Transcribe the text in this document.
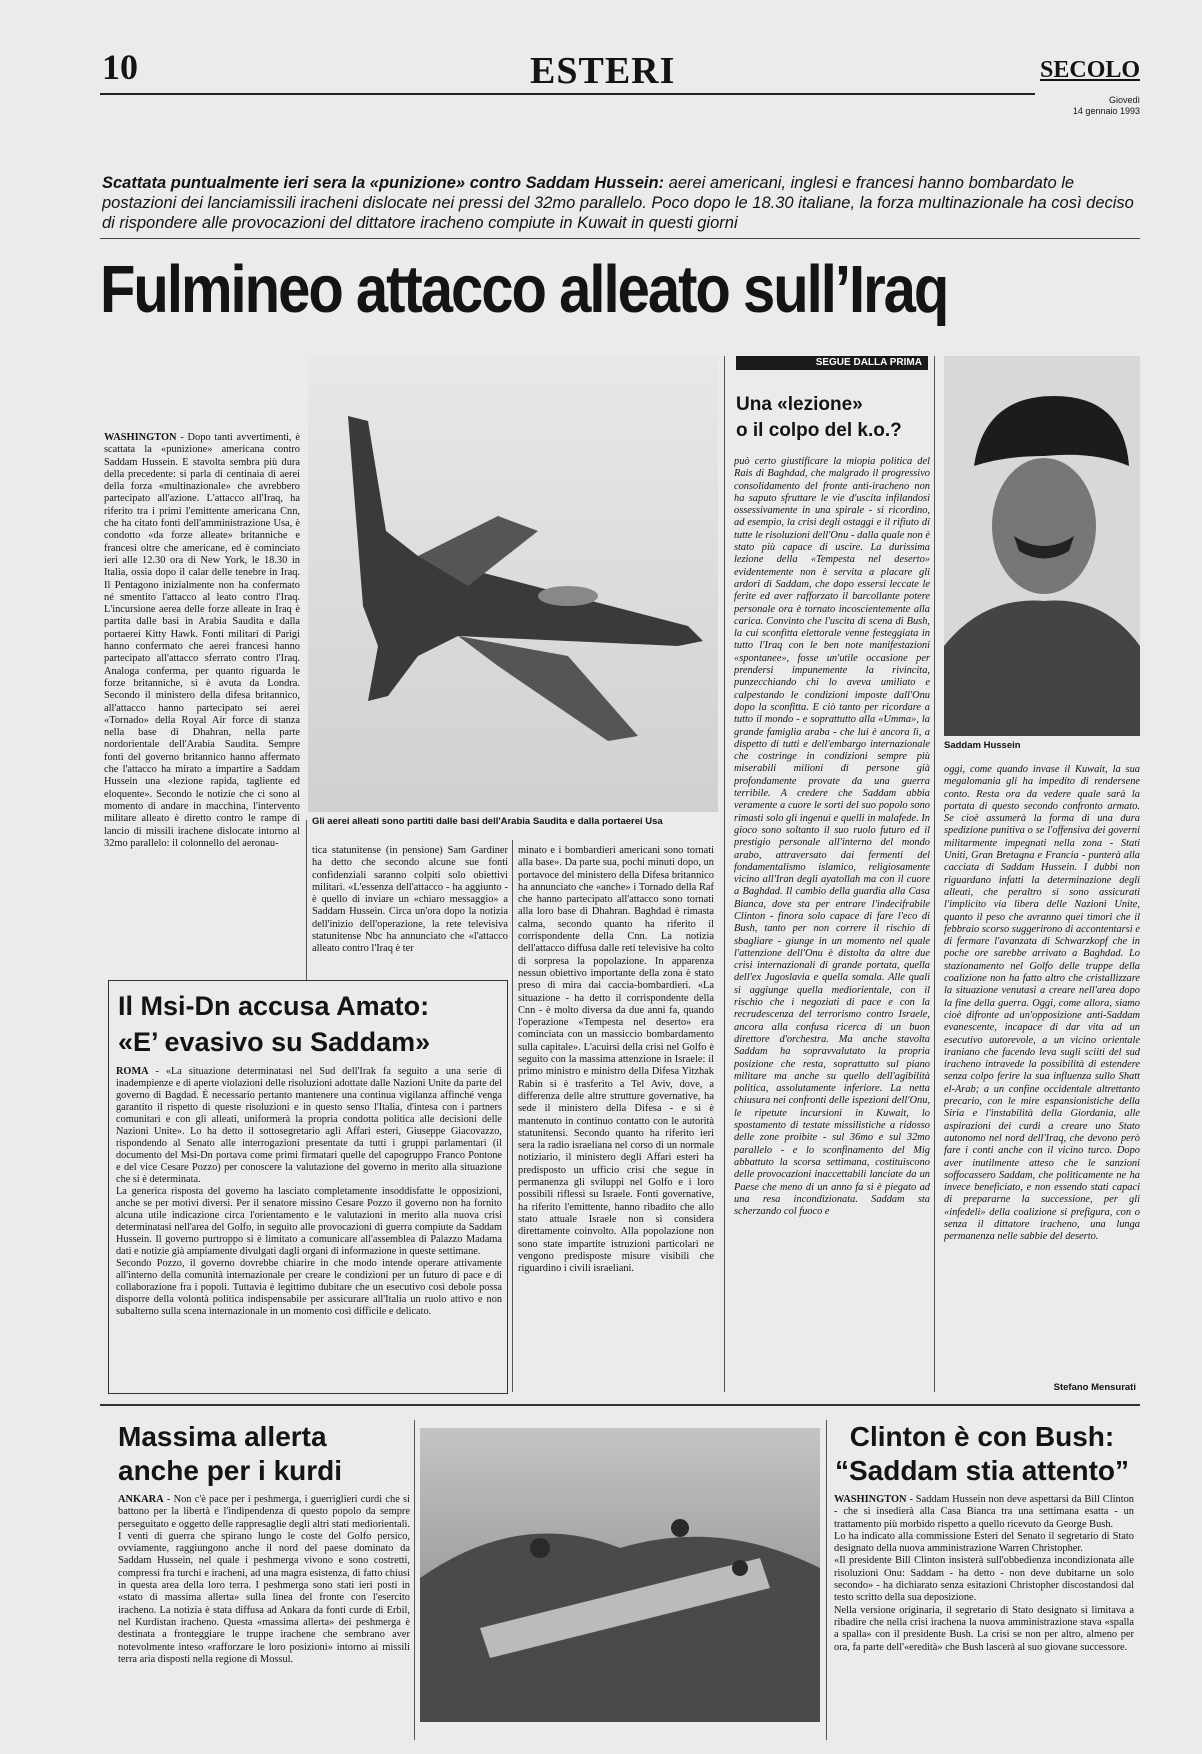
10	ESTERI	SECOLO
Giovedì
14 gennaio 1993
Scattata puntualmente ieri sera la «punizione» contro Saddam Hussein: aerei americani, inglesi e francesi hanno bombardato le postazioni dei lanciamissili iracheni dislocate nei pressi del 32mo parallelo. Poco dopo le 18.30 italiane, la forza multinazionale ha così deciso di rispondere alle provocazioni del dittatore iracheno compiute in Kuwait in questi giorni
Fulmineo attacco alleato sull’Iraq
WASHINGTON - Dopo tanti avvertimenti, è scattata la «punizione» americana contro Saddam Hussein. E stavolta sembra più dura della precedente: si parla di centinaia di aerei della forza «multinazionale» che avrebbero partecipato all'azione. L'attacco all'Iraq, ha riferito tra i primi l'emittente americana Cnn, che ha citato fonti dell'amministrazione Usa, è condotto «da forze alleate» britanniche e francesi oltre che americane, ed è cominciato ieri alle 12.30 ora di New York, le 18.30 in Italia, ossia dopo il calar delle tenebre in Iraq. Il Pentagono inizialmente non ha confermato né smentito l'attacco al leato contro l'Iraq. L'incursione aerea delle forze alleate in Iraq è partita dalle basi in Arabia Saudita e dalla portaerei Kitty Hawk. Fonti militari di Parigi hanno confermato che aerei francesi hanno partecipato all'attacco sferrato contro l'Iraq. Analoga conferma, per quanto riguarda le forze britanniche, si è avuta da Londra. Secondo il ministero della difesa britannico, all'attacco hanno partecipato sei aerei «Tornado» della Royal Air force di stanza nella base di Dhahran, nella parte nordorientale dell'Arabia Saudita. Sempre fonti del governo britannico hanno affermato che l'attacco ha mirato a impartire a Saddam Hussein una «lezione rapida, tagliente ed eloquente». Secondo le notizie che ci sono al momento di andare in macchina, l'intervento militare alleato è diretto contro le rampe di lancio di missili irachene dislocate intorno al 32mo parallelo: il colonnello del aeronau-
Gli aerei alleati sono partiti dalle basi dell'Arabia Saudita e dalla portaerei Usa
tica statunitense (in pensione) Sam Gardiner ha detto che secondo alcune sue fonti confidenziali saranno colpiti solo obiettivi militari. «L'essenza dell'attacco - ha aggiunto - è quello di inviare un «chiaro messaggio» a Saddam Hussein. Circa un'ora dopo la notizia dell'inizio dell'operazione, la rete televisiva statunitense Nbc ha annunciato che «l'attacco alleato contro l'Iraq è ter
minato e i bombardieri americani sono tornati alla base». Da parte sua, pochi minuti dopo, un portavoce del ministero della Difesa britannico ha annunciato che «anche» i Tornado della Raf che hanno partecipato all'attacco sono tornati alla loro base di Dhahran. Baghdad è rimasta calma, secondo quanto ha riferito il corrispondente della Cnn. La notizia dell'attacco diffusa dalle reti televisive ha colto di sorpresa la popolazione. In apparenza nessun obiettivo importante della zona è stato preso di mira dai caccia-bombardieri. «La situazione - ha detto il corrispondente della Cnn - è molto diversa da due anni fa, quando l'operazione «Tempesta nel deserto» era cominciata con un massiccio bombardamento sulla capitale». L'acuirsi della crisi nel Golfo è seguito con la massima attenzione in Israele: il primo ministro e ministro della Difesa Yitzhak Rabin si è trasferito a Tel Aviv, dove, a differenza delle altre strutture governative, ha sede il ministero della Difesa - e si è mantenuto in continuo contatto con le autorità statunitensi. Secondo quanto ha riferito ieri sera la radio israeliana nel corso di un normale notiziario, il ministero degli Affari esteri ha predisposto un ufficio crisi che segue in permanenza gli sviluppi nel Golfo e i loro possibili riflessi su Israele. Fonti governative, ha riferito l'emittente, hanno ribadito che allo stato attuale Israele non si considera direttamente coinvolto. Alla popolazione non sono state impartite istruzioni particolari ne vengono predisposte misure visibili che riguardino i civili israeliani.
Il Msi-Dn accusa Amato:
«E’ evasivo su Saddam»
ROMA - «La situazione determinatasi nel Sud dell'Irak fa seguito a una serie di inadempienze e di aperte violazioni delle risoluzioni adottate dalle Nazioni Unite da parte del governo di Bagdad. È necessario pertanto mantenere una continua vigilanza affinché venga garantito il rispetto di queste risoluzioni e in questo senso l'Italia, d'intesa con i partners comunitari e con gli alleati, uniformerà la propria condotta politica alle decisioni delle Nazioni Unite». Lo ha detto il sottosegretario agli Affari esteri, Giuseppe Giacovazzo, rispondendo al Senato alle interrogazioni presentate da tutti i gruppi parlamentari (il documento del Msi-Dn portava come primi firmatari quelle del capogruppo Franco Pontone e del vice Cesare Pozzo) per conoscere la valutazione del governo in merito alla situazione che si è determinata.
La generica risposta del governo ha lasciato completamente insoddisfatte le opposizioni, anche se per motivi diversi. Per il senatore missino Cesare Pozzo il governo non ha fornito alcuna utile indicazione circa l'orientamento e le valutazioni in merito alla nuova crisi determinatasi nell'area del Golfo, in seguito alle provocazioni di guerra compiute da Saddam Hussein. Il governo purtroppo si è limitato a comunicare all'assemblea di Palazzo Madama dati e notizie già ampiamente divulgati dagli organi di informazione in queste settimane.
Secondo Pozzo, il governo dovrebbe chiarire in che modo intende operare attivamente all'interno della comunità internazionale per creare le condizioni per un futuro di pace e di collaborazione fra i popoli. Tuttavia è legittimo dubitare che un esecutivo così debole possa disporre della volontà politica indispensabile per assicurare all'Italia un ruolo attivo e non subalterno sulla scena internazionale in un momento così difficile e delicato.
SEGUE DALLA PRIMA
Una «lezione»
o il colpo del k.o.?
può certo giustificare la miopia politica del Rais di Baghdad, che malgrado il progressivo consolidamento del fronte anti-iracheno non ha saputo sfruttare le vie d'uscita infilandosi ossessivamente in una spirale - si ricordino, ad esempio, la crisi degli ostaggi e il rifiuto di tutte le risoluzioni dell'Onu - dalla quale non è stato più capace di uscire. La durissima lezione della «Tempesta nel deserto» evidentemente non è servita a placare gli ardori di Saddam, che dopo essersi leccate le ferite ed aver rafforzato il barcollante potere personale ora è tornato incoscientemente alla carica. Convinto che l'uscita di scena di Bush, la cui sconfitta elettorale venne festeggiata in tutto l'Iraq con le ben note manifestazioni «spontanee», fosse un'utile occasione per prendersi impunemente la rivincita, punzecchiando chi lo aveva umiliato e calpestando le condizioni imposte dall'Onu dopo la sconfitta. E ciò tanto per ricordare a tutto il mondo - e soprattutto alla «Umma», la grande famiglia araba - che lui è ancora lì, a dispetto di tutti e dell'embargo internazionale che costringe in condizioni sempre più miserabili milioni di persone già profondamente provate da una guerra terribile. A credere che Saddam abbia veramente a cuore le sorti del suo popolo sono rimasti solo gli ingenui e quelli in malafede. In gioco sono soltanto il suo ruolo futuro ed il prestigio personale all'interno del mondo arabo, attraversato dai fermenti del fondamentalismo islamico, religiosamente vicino all'Iran degli ayatollah ma con il cuore a Baghdad. Il cambio della guardia alla Casa Bianca, dove sta per entrare l'indecifrabile Clinton - finora solo capace di fare l'eco di Bush, tanto per non correre il rischio di sbagliare - giunge in un momento nel quale l'attenzione dell'Onu è distolta da altre due crisi internazionali di grande portata, quella dell'ex Jugoslavia e quella somala. Alle quali si aggiunge quella mediorientale, con il rischio che i negoziati di pace e con la recrudescenza del terrorismo contro Israele, ancora alla confusa ricerca di un buon direttore d'orchestra. Ma anche stavolta Saddam ha sopravvalutato la propria posizione che resta, soprattutto sul piano militare ma anche su quello dell'agibilità politica, assolutamente inferiore. La netta chiusura nei confronti delle ispezioni dell'Onu, le ripetute incursioni in Kuwait, lo spostamento di testate missilistiche a ridosso delle zone proibite - sul 36mo e sul 32mo parallelo - e lo sconfinamento del Mig abbattuto la scorsa settimana, costituiscono delle provocazioni inaccettabili lanciate da un Paese che meno di un anno fa si è piegato ad una resa incondizionata. Saddam sta scherzando col fuoco e
Saddam Hussein
oggi, come quando invase il Kuwait, la sua megalomania gli ha impedito di rendersene conto. Resta ora da vedere quale sarà la portata di questo secondo confronto armato. Se cioè assumerà la forma di una dura spedizione punitiva o se l'offensiva dei governi militarmente impegnati nella zona - Stati Uniti, Gran Bretagna e Francia - punterà alla cacciata di Saddam Hussein. I dubbi non riguardano infatti la determinazione degli alleati, che peraltro si sono assicurati l'implicito via libera delle Nazioni Unite, quanto il peso che avranno quei timori che il febbraio scorso suggerirono di accontentarsi e di fermare l'avanzata di Schwarzkopf che in poche ore sarebbe arrivato a Baghdad. Lo stazionamento nel Golfo delle truppe della coalizione non ha fatto altro che cristallizzare la situazione venutasi a creare nell'area dopo la fine della guerra. Oggi, come allora, siamo cioè difronte ad un'opposizione anti-Saddam evanescente, incapace di dar vita ad un esecutivo autorevole, a un vicino orientale iraniano che facendo leva sugli sciiti del sud iracheno intravede la possibilità di estendere senza colpo ferire la sua influenza sullo Shatt el-Arab; a un confine occidentale altrettanto precario, con le mire espansionistiche della Siria e l'instabilità della Giordania, alle aspirazioni dei curdi a creare uno Stato autonomo nel nord dell'Iraq, che devono però fare i conti anche con il vicino turco. Dopo aver inutilmente atteso che le sanzioni soffocassero Saddam, che politicamente ne ha invece beneficiato, e non essendo stati capaci di prepararne la successione, per gli «infedeli» della coalizione si prefigura, con o senza il dittatore iracheno, una lunga permanenza nelle sabbie del deserto.
Stefano Mensurati
Massima allerta
anche per i kurdi
ANKARA - Non c'è pace per i peshmerga, i guerriglieri curdi che si battono per la libertà e l'indipendenza di questo popolo da sempre perseguitato e oggetto delle rappresaglie degli altri stati mediorientali. I venti di guerra che spirano lungo le coste del Golfo persico, ovviamente, raggiungono anche il nord del paese dominato da Saddam Hussein, nel quale i peshmerga vivono e sono costretti, compressi fra turchi e iracheni, ad una magra esistenza, di fatto chiusi in questa area della loro terra. I peshmerga sono stati ieri posti in «stato di massima allerta» sulla linea del fronte con l'esercito iracheno. La notizia è stata diffusa ad Ankara da fonti curde di Erbil, nel Kurdistan iracheno. Questa «massima allerta» dei peshmerga è destinata a fronteggiare le truppe irachene che sembrano aver notevolmente inteso «rafforzare le loro posizioni» intorno ai missili terra aria disposti nella regione di Mossul.
Clinton è con Bush:
“Saddam stia attento”
WASHINGTON - Saddam Hussein non deve aspettarsi da Bill Clinton - che si insedierà alla Casa Bianca tra una settimana esatta - un trattamento più morbido rispetto a quello ricevuto da George Bush.
Lo ha indicato alla commissione Esteri del Senato il segretario di Stato designato della nuova amministrazione Warren Christopher.
«Il presidente Bill Clinton insisterà sull'obbedienza incondizionata alle risoluzioni Onu: Saddam - ha detto - non deve dubitarne un solo secondo» - ha dichiarato senza esitazioni Christopher discostandosi dal testo scritto della sua deposizione.
Nella versione originaria, il segretario di Stato designato si limitava a ribadire che nella crisi irachena la nuova amministrazione stava «spalla a spalla» con il presidente Bush. La crisi se non per altro, almeno per ora, fa parte dell'«eredità» che Bush lascerà al suo giovane successore.
